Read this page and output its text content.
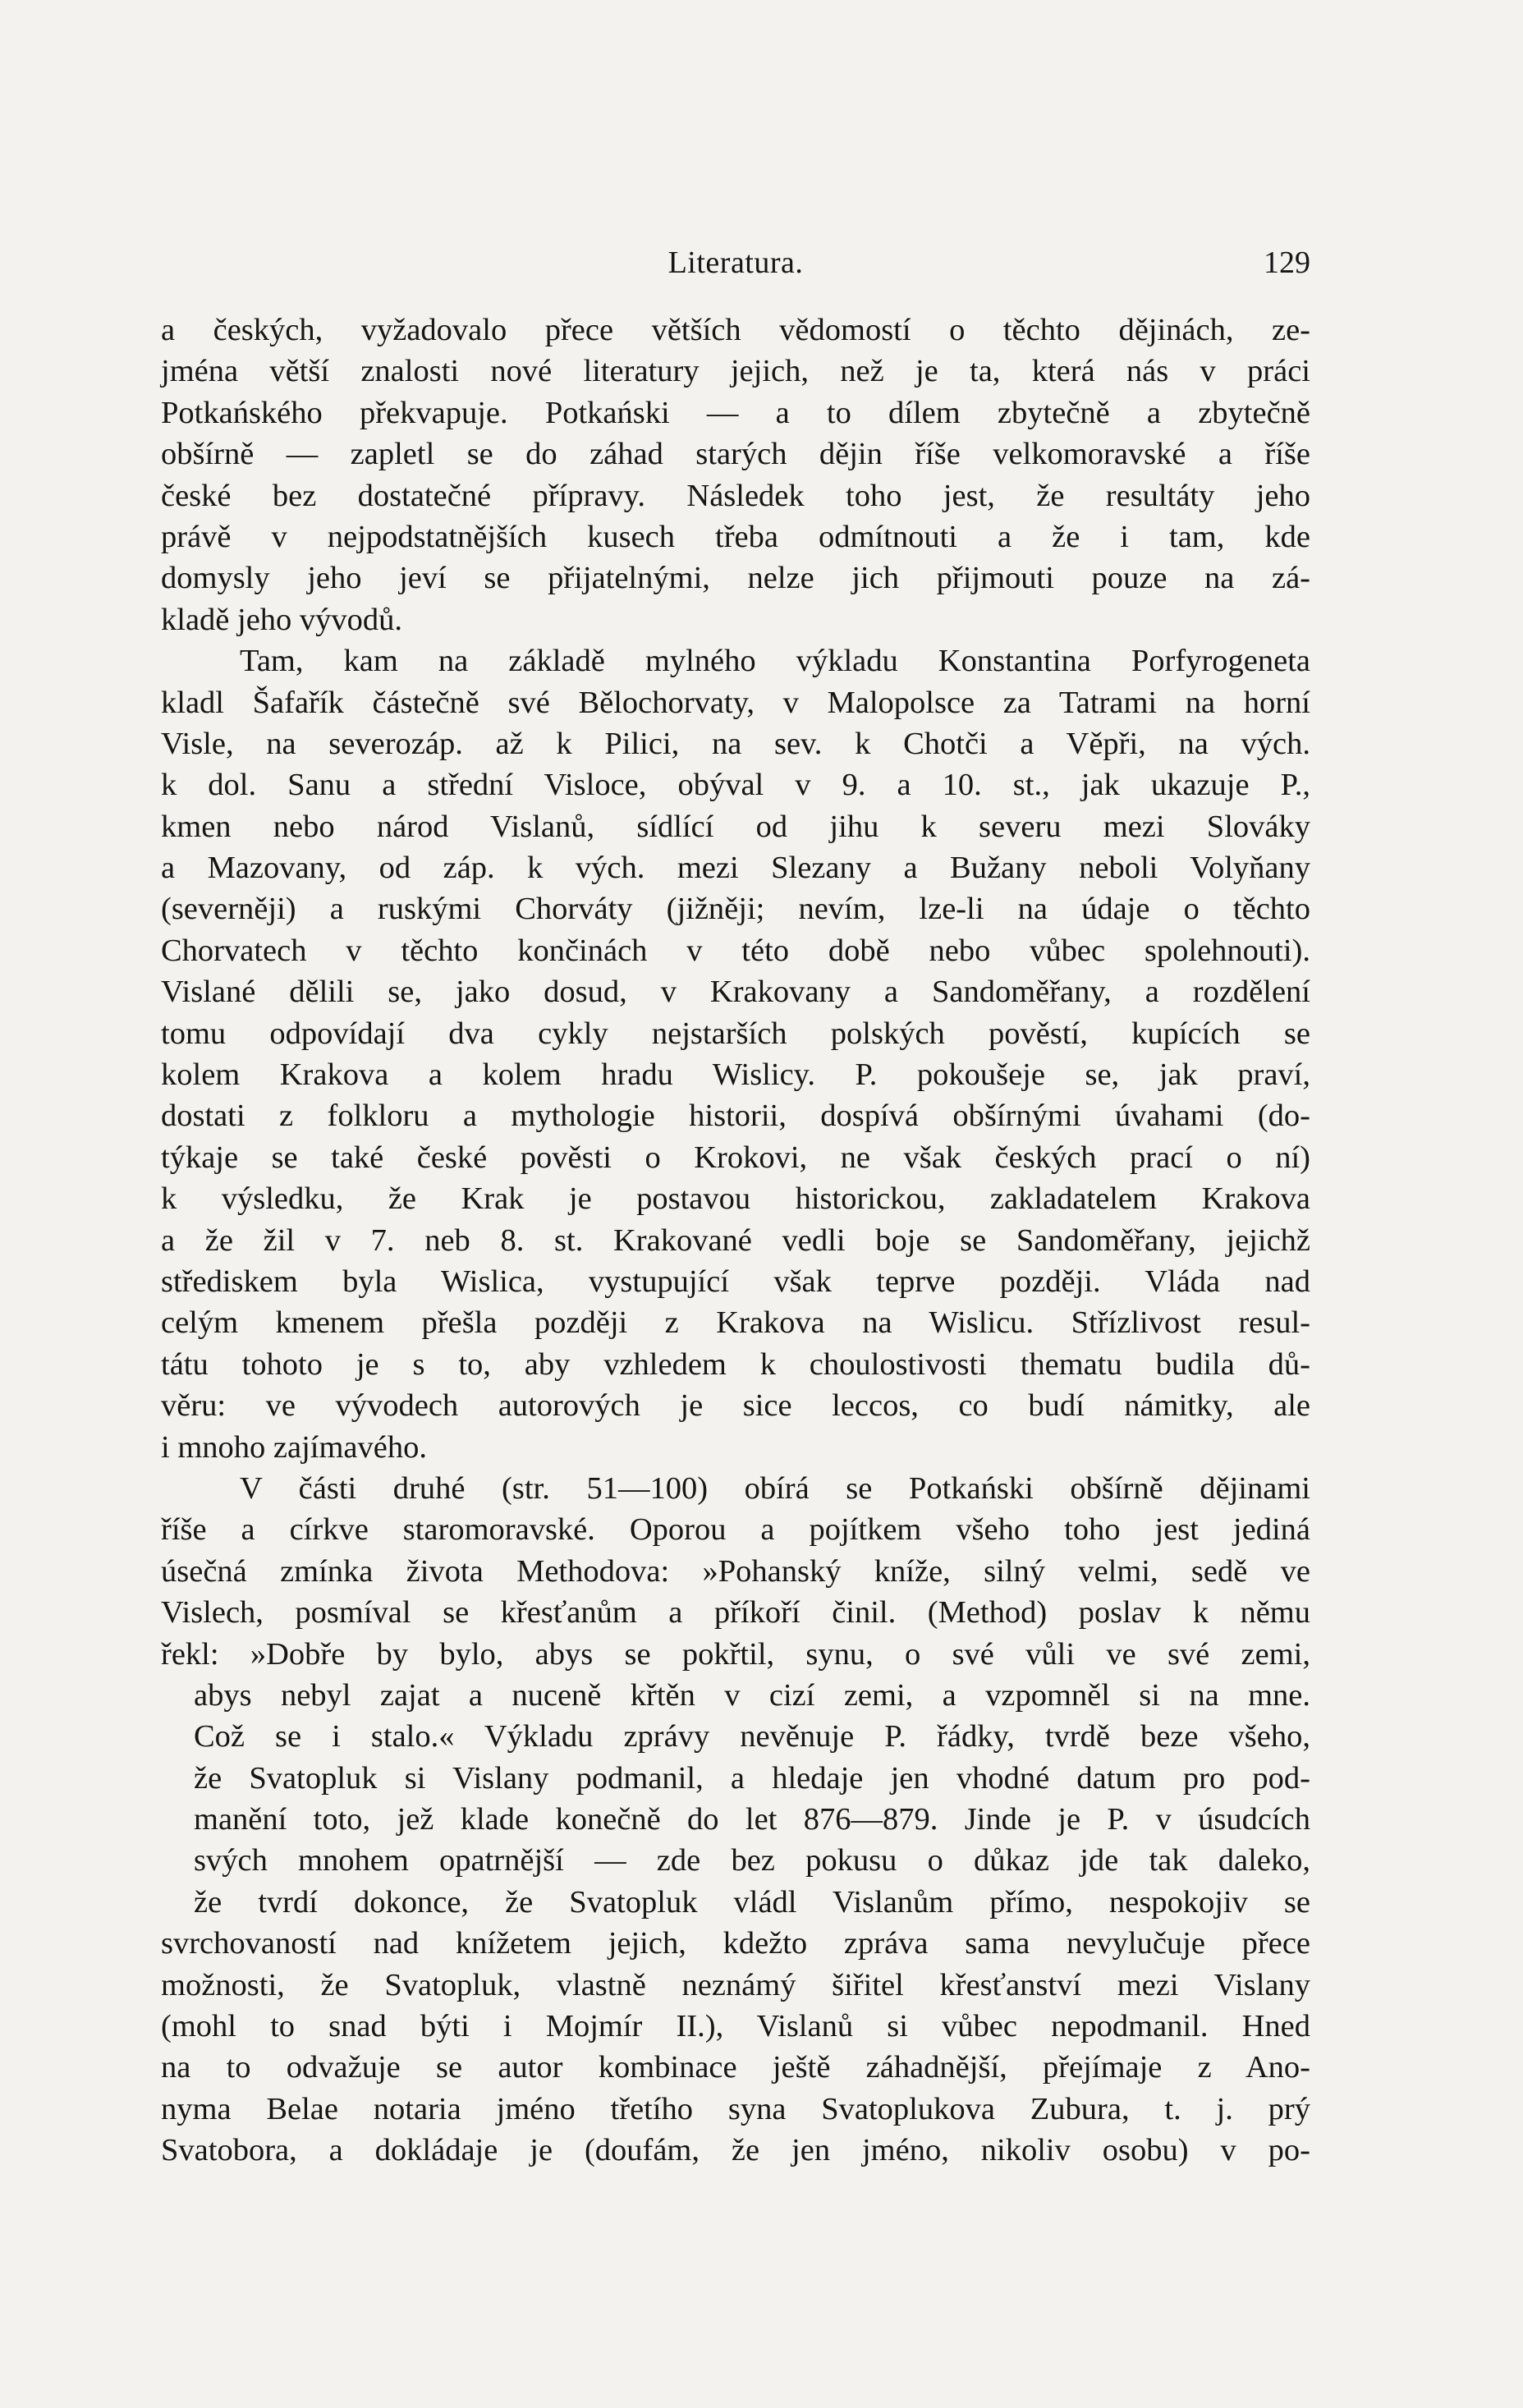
Literatura.	129
a českých, vyžadovalo přece větších vědomostí o těchto dějinách, ze-
jména větší znalosti nové literatury jejich, než je ta, která nás v práci
Potkańského překvapuje. Potkański — a to dílem zbytečně a zbytečně
obšírně — zapletl se do záhad starých dějin říše velkomoravské a říše
české bez dostatečné přípravy. Následek toho jest, že resultáty jeho
právě v nejpodstatnějších kusech třeba odmítnouti a že i tam, kde
domysly jeho jeví se přijatelnými, nelze jich přijmouti pouze na zá-
kladě jeho vývodů.
Tam, kam na základě mylného výkladu Konstantina Porfyrogeneta
kladl Šafařík částečně své Bělochorvaty, v Malopolsce za Tatrami na horní
Visle, na severozáp. až k Pilici, na sev. k Chotči a Věpři, na vých.
k dol. Sanu a střední Visloce, obýval v 9. a 10. st., jak ukazuje P.,
kmen nebo národ Vislanů, sídlící od jihu k severu mezi Slováky
a Mazovany, od záp. k vých. mezi Slezany a Bužany neboli Volyňany
(severněji) a ruskými Chorváty (jižněji; nevím, lze-li na údaje o těchto
Chorvatech v těchto končinách v této době nebo vůbec spolehnouti).
Vislané dělili se, jako dosud, v Krakovany a Sandoměřany, a rozdělení
tomu odpovídají dva cykly nejstarších polských pověstí, kupících se
kolem Krakova a kolem hradu Wislicy. P. pokoušeje se, jak praví,
dostati z folkloru a mythologie historii, dospívá obšírnými úvahami (do-
týkaje se také české pověsti o Krokovi, ne však českých prací o ní)
k výsledku, že Krak je postavou historickou, zakladatelem Krakova
a že žil v 7. neb 8. st. Krakované vedli boje se Sandoměřany, jejichž
střediskem byla Wislica, vystupující však teprve později. Vláda nad
celým kmenem přešla později z Krakova na Wislicu. Střízlivost resul-
tátu tohoto je s to, aby vzhledem k choulostivosti thematu budila dů-
věru: ve vývodech autorových je sice leccos, co budí námitky, ale
i mnoho zajímavého.
V části druhé (str. 51—100) obírá se Potkański obšírně dějinami
říše a církve staromoravské. Oporou a pojítkem všeho toho jest jediná
úsečná zmínka života Methodova: »Pohanský kníže, silný velmi, sedě ve
Vislech, posmíval se křesťanům a příkoří činil. (Method) poslav k němu
řekl: »Dobře by bylo, abys se pokřtil, synu, o své vůli ve své zemi,
abys nebyl zajat a nuceně křtěn v cizí zemi, a vzpomněl si na mne.
Což se i stalo.« Výkladu zprávy nevěnuje P. řádky, tvrdě beze všeho,
že Svatopluk si Vislany podmanil, a hledaje jen vhodné datum pro pod-
manění toto, jež klade konečně do let 876—879. Jinde je P. v úsudcích
svých mnohem opatrnější — zde bez pokusu o důkaz jde tak daleko,
že tvrdí dokonce, že Svatopluk vládl Vislanům přímo, nespokojiv se
svrchovaností nad knížetem jejich, kdežto zpráva sama nevylučuje přece
možnosti, že Svatopluk, vlastně neznámý šiřitel křesťanství mezi Vislany
(mohl to snad býti i Mojmír II.), Vislanů si vůbec nepodmanil. Hned
na to odvažuje se autor kombinace ještě záhadnější, přejímaje z Ano-
nyma Belae notaria jméno třetího syna Svatoplukova Zubura, t. j. prý
Svatobora, a dokládaje je (doufám, že jen jméno, nikoliv osobu) v po-
